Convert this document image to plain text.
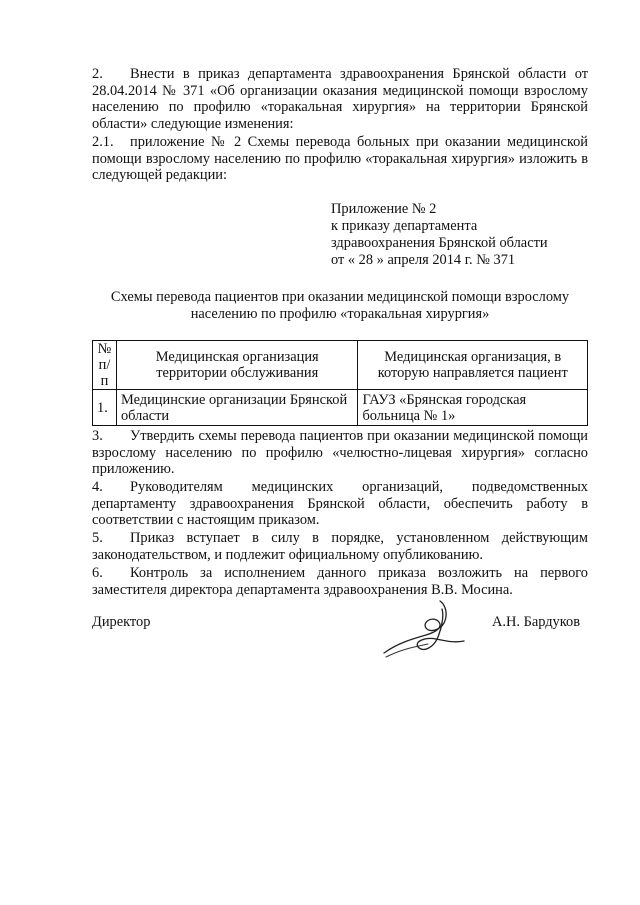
2. Внести в приказ департамента здравоохранения Брянской области от 28.04.2014 № 371 «Об организации оказания медицинской помощи взрослому населению по профилю «торакальная хирургия» на территории Брянской области» следующие изменения:
2.1. приложение № 2 Схемы перевода больных при оказании медицинской помощи взрослому населению по профилю «торакальная хирургия» изложить в следующей редакции:
Приложение № 2
к приказу департамента
здравоохранения Брянской области
от « 28 » апреля 2014 г. № 371
Схемы перевода пациентов при оказании медицинской помощи взрослому населению по профилю «торакальная хирургия»
№ п/п	Медицинская организация территории обслуживания	Медицинская организация, в которую направляется пациент
1.	Медицинские организации Брянской области	ГАУЗ «Брянская городская больница № 1»
3. Утвердить схемы перевода пациентов при оказании медицинской помощи взрослому населению по профилю «челюстно-лицевая хирургия» согласно приложению.
4. Руководителям медицинских организаций, подведомственных департаменту здравоохранения Брянской области, обеспечить работу в соответствии с настоящим приказом.
5. Приказ вступает в силу в порядке, установленном действующим законодательством, и подлежит официальному опубликованию.
6. Контроль за исполнением данного приказа возложить на первого заместителя директора департамента здравоохранения В.В. Мосина.
Директор	А.Н. Бардуков
